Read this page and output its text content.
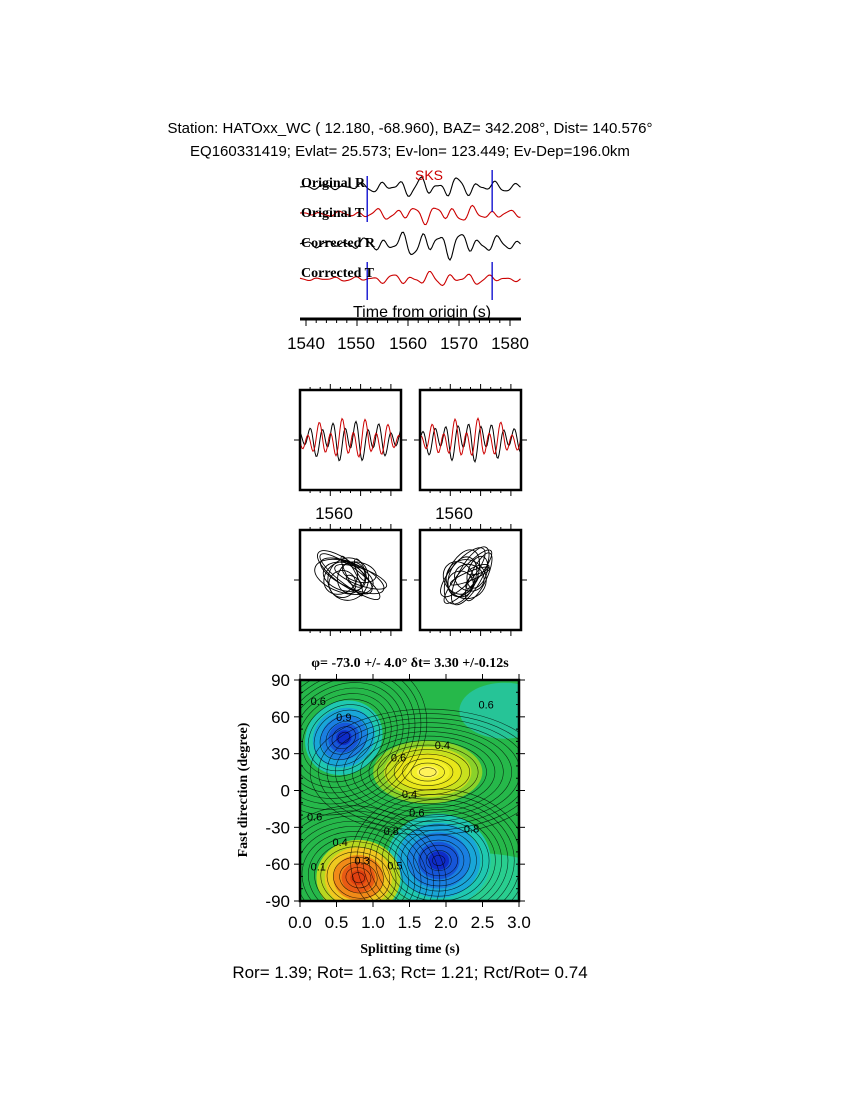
Station: HATOxx_WC ( 12.180, -68.960), BAZ= 342.208°, Dist= 140.576°
EQ160331419; Evlat= 25.573; Ev-lon= 123.449; Ev-Dep=196.0km
Original R
Original T
Corrected R
Corrected T
SKS
Time from origin (s)
1540 1550 1560 1570 1580
1560	1560
φ= -73.0 +/- 4.0° δt= 3.30 +/-0.12s
0.6
0.9
0.6
0.6
0.4
0.4
0.6
0.6
0.8	0.8
0.4
0.3 0.5
0.1
0.0 0.5 1.0 1.5 2.0 2.5 3.0
90
60
30
0
-30
-60
-90
Splitting time (s)
Fast direction (degree)
Ror= 1.39; Rot= 1.63; Rct= 1.21; Rct/Rot= 0.74
